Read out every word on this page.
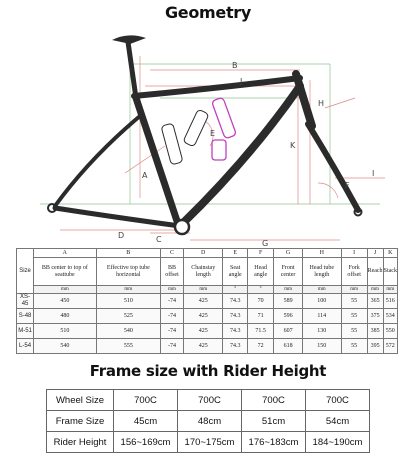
Geometry
A
B
C
D
E
F
G
H
I
J
K
Size	A	B	C	D	E	F	G	H	I	J	K
	BB center to top of seattube	Effective top tube horizontal	BB offset	Chainstay length	Seat angle	Head angle	Front center	Head tube length	Fork offset	Reach	Stack
	mm	mm	mm	mm	°	°	mm	mm	mm	mm	mm
XS-45	450	510	-74	425	74.3	70	589	100	55	365	516
S-48	480	525	-74	425	74.3	71	596	114	55	375	534
M-51	510	540	-74	425	74.3	71.5	607	130	55	385	550
L-54	540	555	-74	425	74.3	72	618	150	55	395	572
Frame size with Rider Height
Wheel Size	700C	700C	700C	700C
Frame Size	45cm	48cm	51cm	54cm
Rider Height	156~169cm	170~175cm	176~183cm	184~190cm
